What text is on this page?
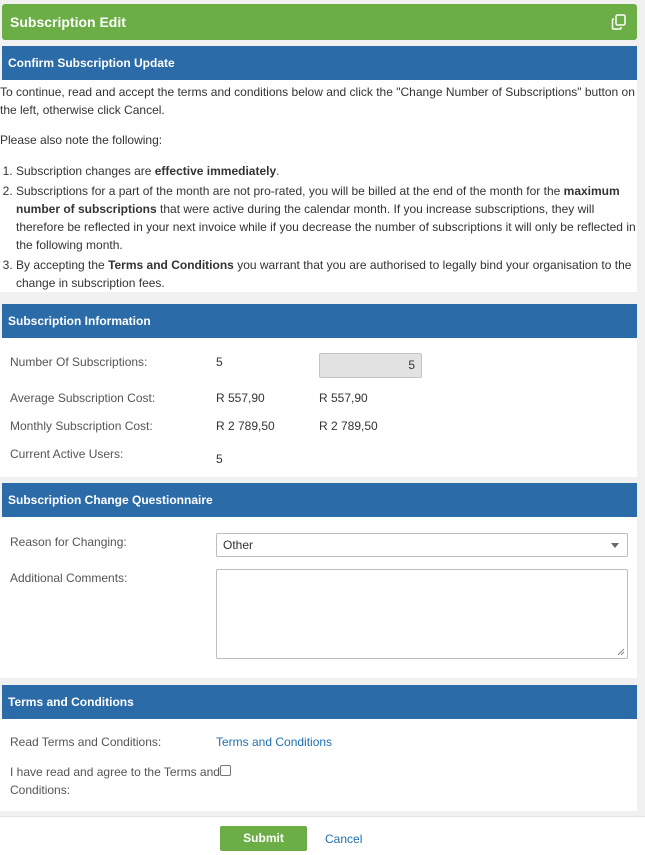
Subscription Edit
Confirm Subscription Update
To continue, read and accept the terms and conditions below and click the "Change Number of Subscriptions" button on the left, otherwise click Cancel.
Please also note the following:
1. Subscription changes are effective immediately.
2. Subscriptions for a part of the month are not pro-rated, you will be billed at the end of the month for the maximum number of subscriptions that were active during the calendar month. If you increase subscriptions, they will therefore be reflected in your next invoice while if you decrease the number of subscriptions it will only be reflected in the following month.
3. By accepting the Terms and Conditions you warrant that you are authorised to legally bind your organisation to the change in subscription fees.
Subscription Information
Number Of Subscriptions:	5	5
Average Subscription Cost:	R 557,90	R 557,90
Monthly Subscription Cost:	R 2 789,50	R 2 789,50
Current Active Users:	5
Subscription Change Questionnaire
Reason for Changing:	Other
Additional Comments:
Terms and Conditions
Read Terms and Conditions:	Terms and Conditions
I have read and agree to the Terms and
Conditions:
Submit	Cancel
